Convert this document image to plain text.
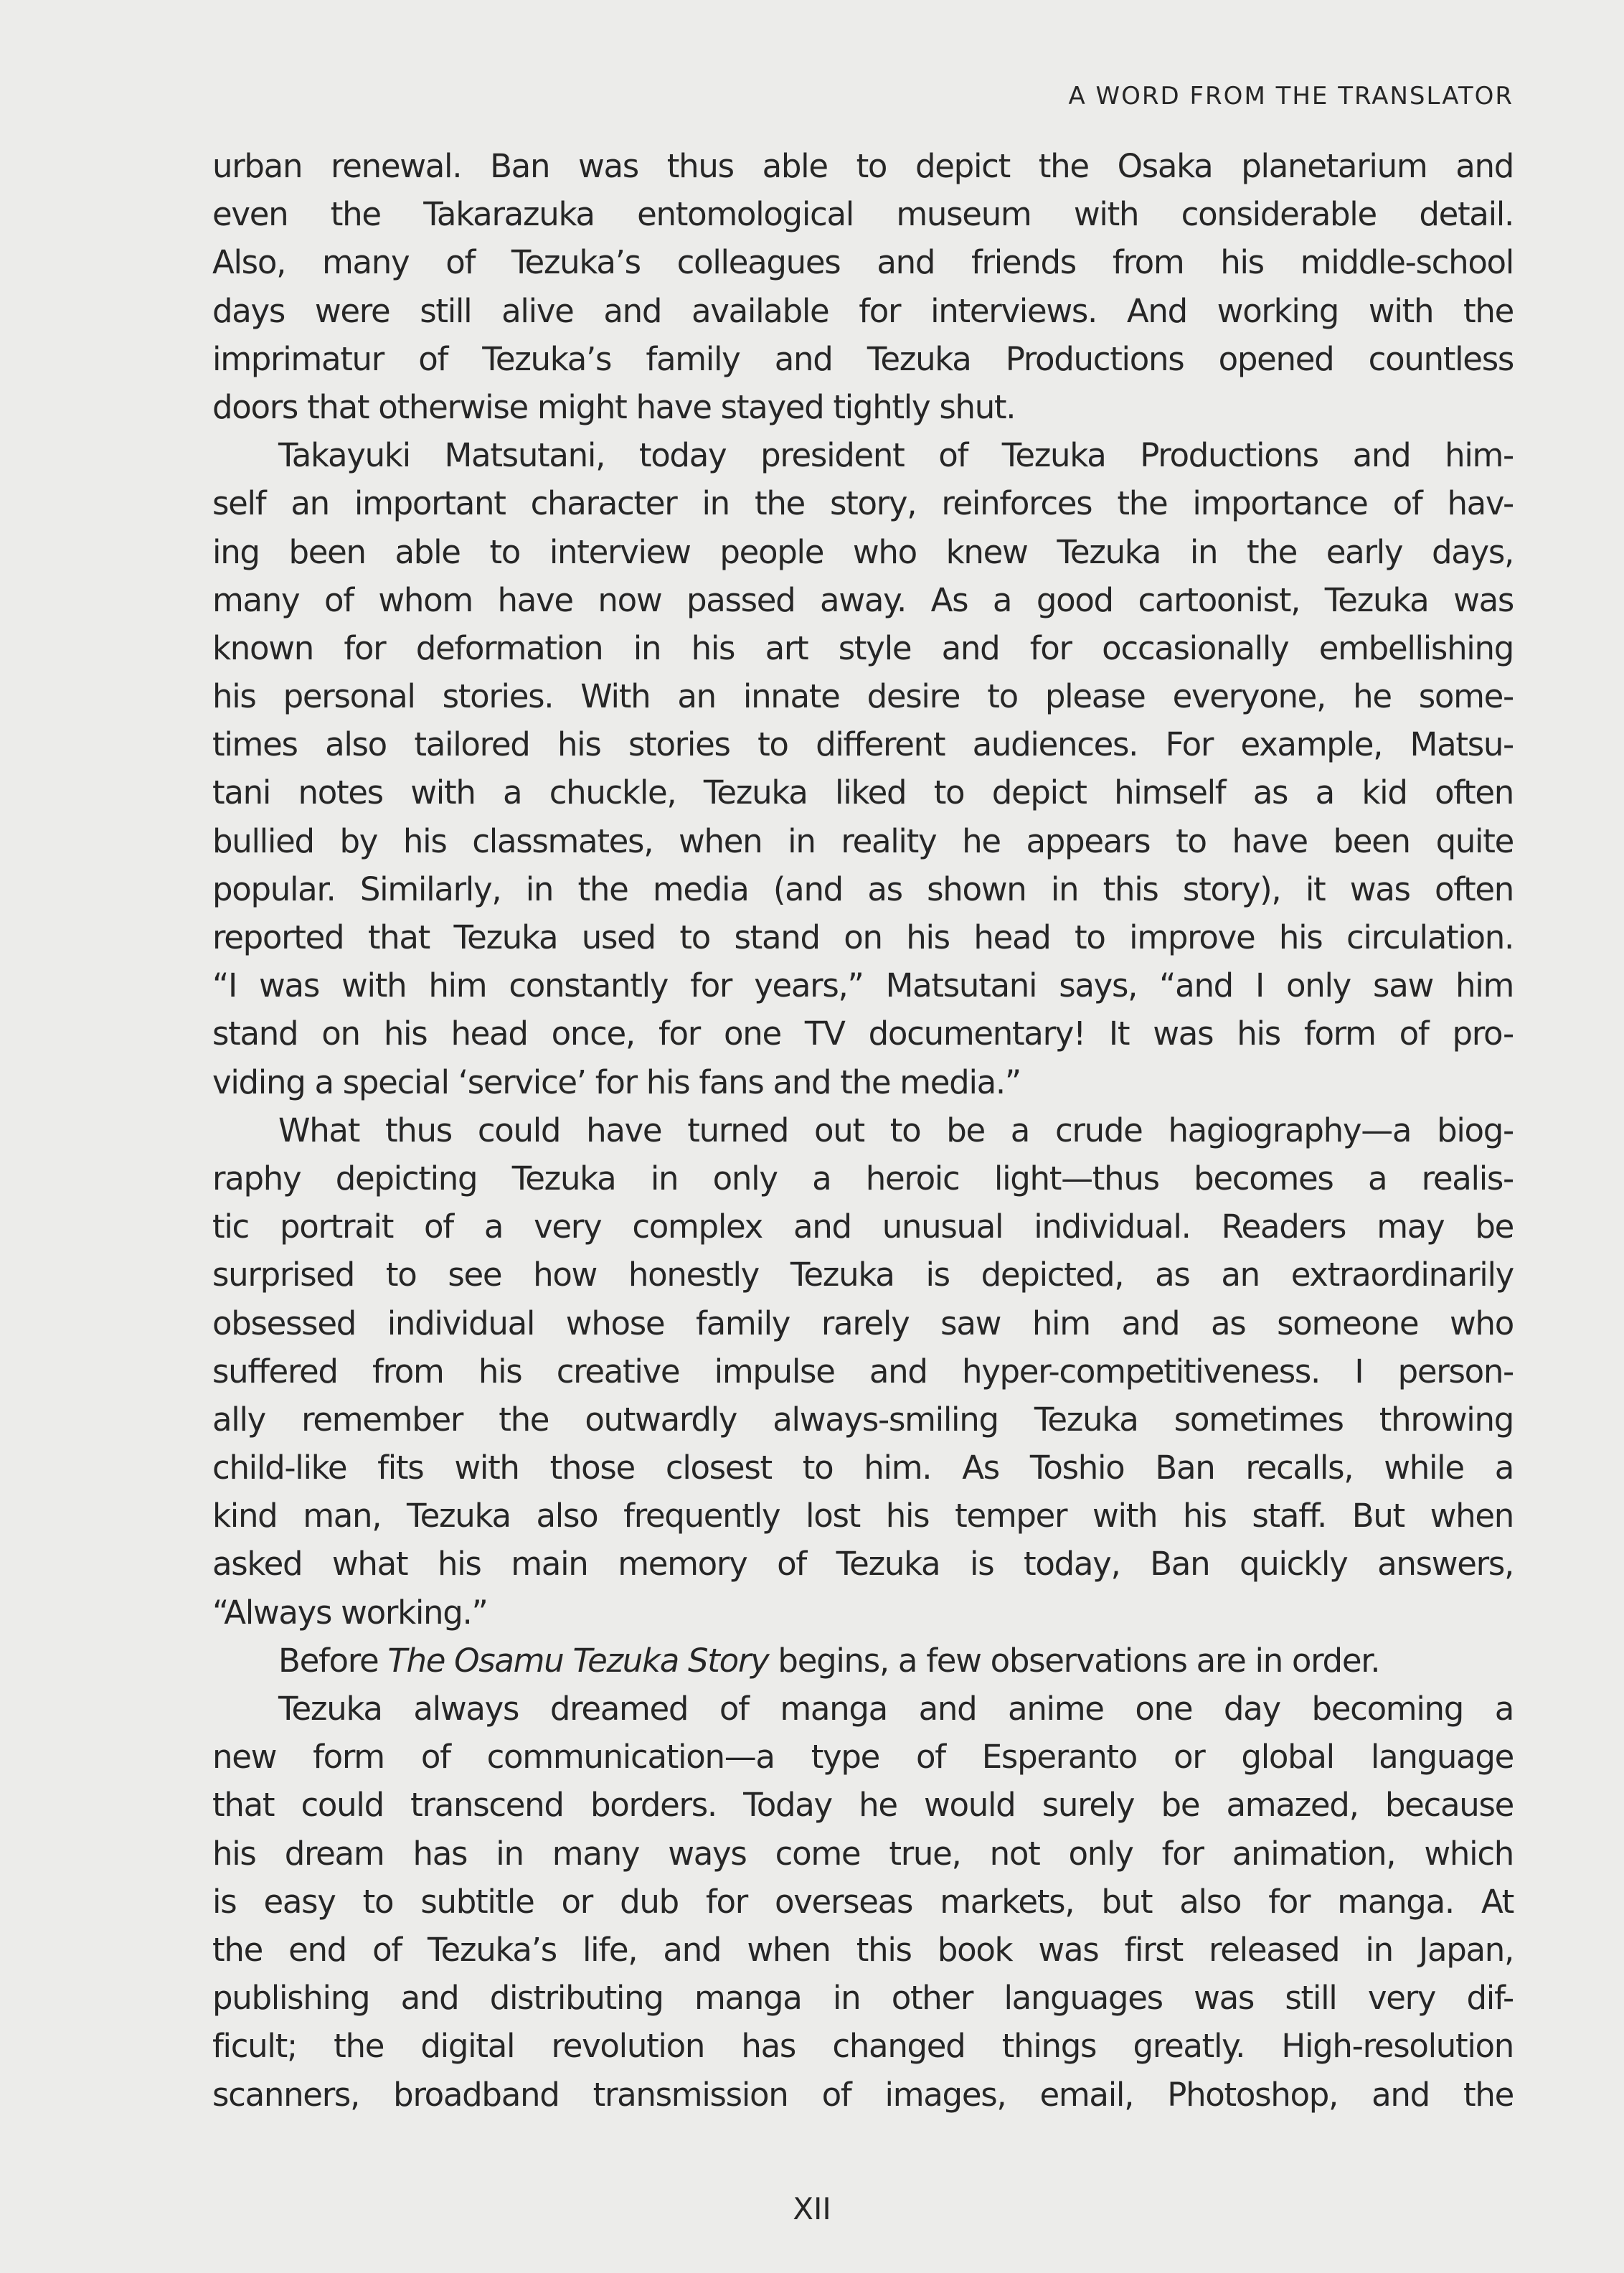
A WORD FROM THE TRANSLATOR
urban renewal. Ban was thus able to depict the Osaka planetarium and
even the Takarazuka entomological museum with considerable detail.
Also, many of Tezuka’s colleagues and friends from his middle-school
days were still alive and available for interviews. And working with the
imprimatur of Tezuka’s family and Tezuka Productions opened countless
doors that otherwise might have stayed tightly shut.
Takayuki Matsutani, today president of Tezuka Productions and him-
self an important character in the story, reinforces the importance of hav-
ing been able to interview people who knew Tezuka in the early days,
many of whom have now passed away. As a good cartoonist, Tezuka was
known for deformation in his art style and for occasionally embellishing
his personal stories. With an innate desire to please everyone, he some-
times also tailored his stories to different audiences. For example, Matsu-
tani notes with a chuckle, Tezuka liked to depict himself as a kid often
bullied by his classmates, when in reality he appears to have been quite
popular. Similarly, in the media (and as shown in this story), it was often
reported that Tezuka used to stand on his head to improve his circulation.
“I was with him constantly for years,” Matsutani says, “and I only saw him
stand on his head once, for one TV documentary! It was his form of pro-
viding a special ‘service’ for his fans and the media.”
What thus could have turned out to be a crude hagiography—a biog-
raphy depicting Tezuka in only a heroic light—thus becomes a realis-
tic portrait of a very complex and unusual individual. Readers may be
surprised to see how honestly Tezuka is depicted, as an extraordinarily
obsessed individual whose family rarely saw him and as someone who
suffered from his creative impulse and hyper-competitiveness. I person-
ally remember the outwardly always-smiling Tezuka sometimes throwing
child-like fits with those closest to him. As Toshio Ban recalls, while a
kind man, Tezuka also frequently lost his temper with his staff. But when
asked what his main memory of Tezuka is today, Ban quickly answers,
“Always working.”
Before The Osamu Tezuka Story begins, a few observations are in order.
Tezuka always dreamed of manga and anime one day becoming a
new form of communication—a type of Esperanto or global language
that could transcend borders. Today he would surely be amazed, because
his dream has in many ways come true, not only for animation, which
is easy to subtitle or dub for overseas markets, but also for manga. At
the end of Tezuka’s life, and when this book was first released in Japan,
publishing and distributing manga in other languages was still very dif-
ficult; the digital revolution has changed things greatly. High-resolution
scanners, broadband transmission of images, email, Photoshop, and the
XII
